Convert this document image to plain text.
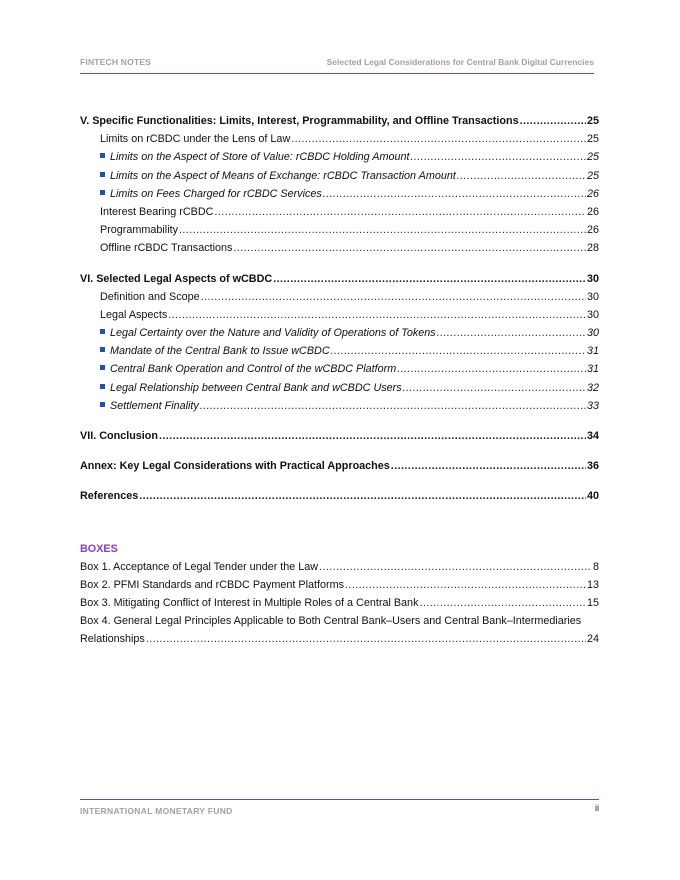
FINTECH NOTES	Selected Legal Considerations for Central Bank Digital Currencies
V. Specific Functionalities: Limits, Interest, Programmability, and Offline Transactions .....	25
Limits on rCBDC under the Lens of Law .....	25
Limits on the Aspect of Store of Value: rCBDC Holding Amount .....	25
Limits on the Aspect of Means of Exchange: rCBDC Transaction Amount .....	25
Limits on Fees Charged for rCBDC Services .....	26
Interest Bearing rCBDC .....	26
Programmability .....	26
Offline rCBDC Transactions .....	28
VI. Selected Legal Aspects of wCBDC .....	30
Definition and Scope .....	30
Legal Aspects .....	30
Legal Certainty over the Nature and Validity of Operations of Tokens .....	30
Mandate of the Central Bank to Issue wCBDC .....	31
Central Bank Operation and Control of the wCBDC Platform .....	31
Legal Relationship between Central Bank and wCBDC Users .....	32
Settlement Finality .....	33
VII. Conclusion .....	34
Annex: Key Legal Considerations with Practical Approaches .....	36
References .....	40
BOXES
Box 1. Acceptance of Legal Tender under the Law .....	8
Box 2. PFMI Standards and rCBDC Payment Platforms .....	13
Box 3. Mitigating Conflict of Interest in Multiple Roles of a Central Bank .....	15
Box 4. General Legal Principles Applicable to Both Central Bank–Users and Central Bank–Intermediaries
Relationships .....	24
INTERNATIONAL MONETARY FUND	ii
